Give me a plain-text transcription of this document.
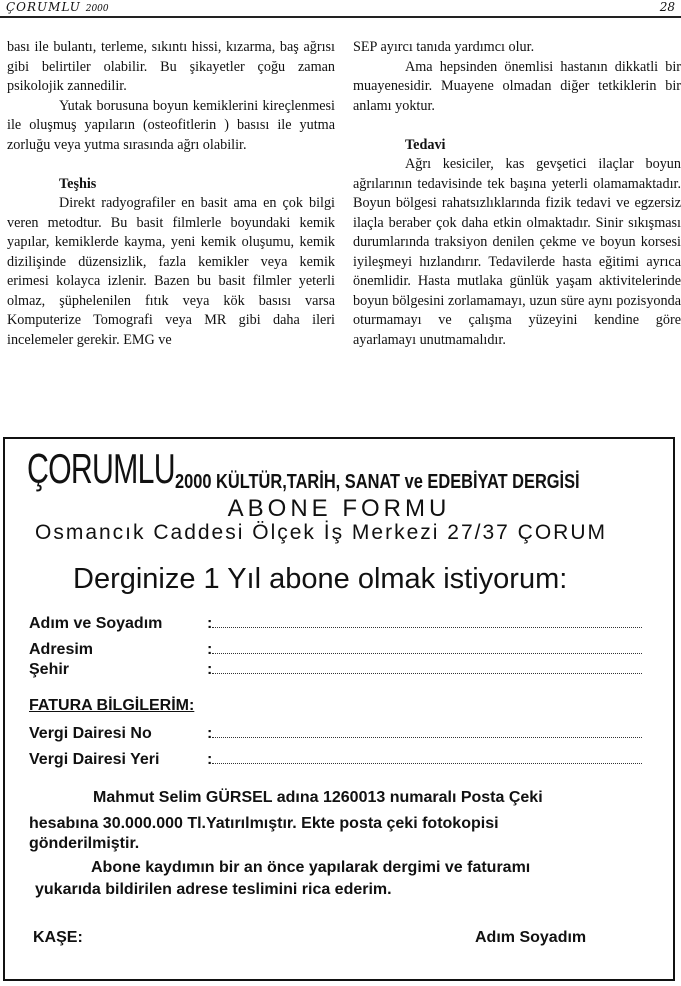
ÇORUMLU 2000	28

bası ile bulantı, terleme, sıkıntı hissi, kızarma, baş ağrısı gibi belirtiler olabilir. Bu şikayetler çoğu zaman psikolojik zannedilir.

Yutak borusuna boyun kemiklerini kireçlenmesi ile oluşmuş yapıların (osteofitlerin ) basısı ile yutma zorluğu veya yutma sırasında ağrı olabilir.

Teşhis

Direkt radyografiler en basit ama en çok bilgi veren metodtur. Bu basit filmlerle boyundaki kemik yapılar, kemiklerde kayma, yeni kemik oluşumu, kemik dizilişinde düzensizlik, fazla kemikler veya kemik erimesi kolayca izlenir. Bazen bu basit filmler yeterli olmaz, şüphelenilen fıtık veya kök basısı varsa Komputerize Tomografi veya MR gibi daha ileri incelemeler gerekir. EMG ve

SEP ayırcı tanıda yardımcı olur.

Ama hepsinden önemlisi hastanın dikkatli bir muayenesidir. Muayene olmadan diğer tetkiklerin bir anlamı yoktur.

Tedavi

Ağrı kesiciler, kas gevşetici ilaçlar boyun ağrılarının tedavisinde tek başına yeterli olamamaktadır. Boyun bölgesi rahatsızlıklarında fizik tedavi ve egzersiz ilaçla beraber çok daha etkin olmaktadır. Sinir sıkışması durumlarında traksiyon denilen çekme ve boyun korsesi iyileşmeyi hızlandırır. Tedavilerde hasta eğitimi ayrıca önemlidir. Hasta mutlaka günlük yaşam aktivitelerinde boyun bölgesini zorlamamayı, uzun süre aynı pozisyonda oturmamayı ve çalışma yüzeyini kendine göre ayarlamayı unutmamalıdır.

ÇORUMLU 2000 KÜLTÜR,TARİH, SANAT ve EDEBİYAT DERGİSİ
ABONE FORMU
Osmancık Caddesi Ölçek İş Merkezi 27/37 ÇORUM
Derginize 1 Yıl abone olmak istiyorum:
Adım ve Soyadım
:
Adresim
:
Şehir
:
FATURA BİLGİLERİM:
Vergi Dairesi No
:
Vergi Dairesi Yeri
:
Mahmut Selim GÜRSEL adına 1260013 numaralı Posta Çeki
hesabına 30.000.000 Tl.Yatırılmıştır. Ekte posta çeki fotokopisi
gönderilmiştir.
Abone kaydımın bir an önce yapılarak dergimi ve faturamı
yukarıda bildirilen adrese teslimini rica ederim.
KAŞE:	Adım Soyadım
